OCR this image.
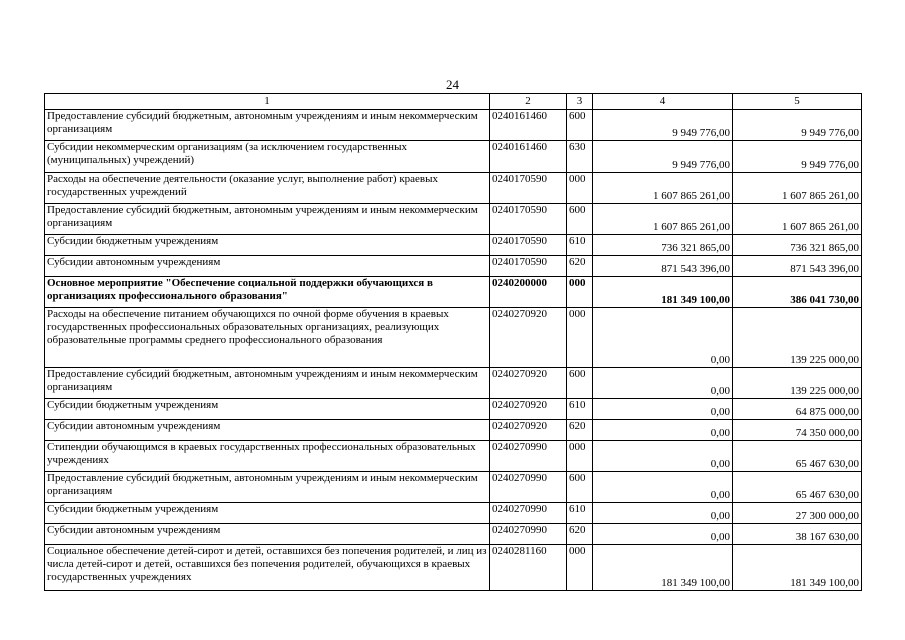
24
1	2	3	4	5
Предоставление субсидий бюджетным, автономным учреждениям и иным некоммерческим организациям	0240161460	600	9 949 776,00	9 949 776,00
Субсидии некоммерческим организациям (за исключением государственных (муниципальных) учреждений)	0240161460	630	9 949 776,00	9 949 776,00
Расходы на обеспечение деятельности (оказание услуг, выполнение работ) краевых государственных учреждений	0240170590	000	1 607 865 261,00	1 607 865 261,00
Предоставление субсидий бюджетным, автономным учреждениям и иным некоммерческим организациям	0240170590	600	1 607 865 261,00	1 607 865 261,00
Субсидии бюджетным учреждениям	0240170590	610	736 321 865,00	736 321 865,00
Субсидии автономным учреждениям	0240170590	620	871 543 396,00	871 543 396,00
Основное мероприятие "Обеспечение социальной поддержки обучающихся в организациях профессионального образования"	0240200000	000	181 349 100,00	386 041 730,00
Расходы на обеспечение питанием обучающихся по очной форме обучения в краевых государственных профессиональных образовательных организациях, реализующих образовательные программы среднего профессионального образования	0240270920	000	0,00	139 225 000,00
Предоставление субсидий бюджетным, автономным учреждениям и иным некоммерческим организациям	0240270920	600	0,00	139 225 000,00
Субсидии бюджетным учреждениям	0240270920	610	0,00	64 875 000,00
Субсидии автономным учреждениям	0240270920	620	0,00	74 350 000,00
Стипендии обучающимся в краевых государственных профессиональных образовательных учреждениях	0240270990	000	0,00	65 467 630,00
Предоставление субсидий бюджетным, автономным учреждениям и иным некоммерческим организациям	0240270990	600	0,00	65 467 630,00
Субсидии бюджетным учреждениям	0240270990	610	0,00	27 300 000,00
Субсидии автономным учреждениям	0240270990	620	0,00	38 167 630,00
Социальное обеспечение детей-сирот и детей, оставшихся без попечения родителей, и лиц из числа детей-сирот и детей, оставшихся без попечения родителей, обучающихся в краевых государственных учреждениях	0240281160	000	181 349 100,00	181 349 100,00
